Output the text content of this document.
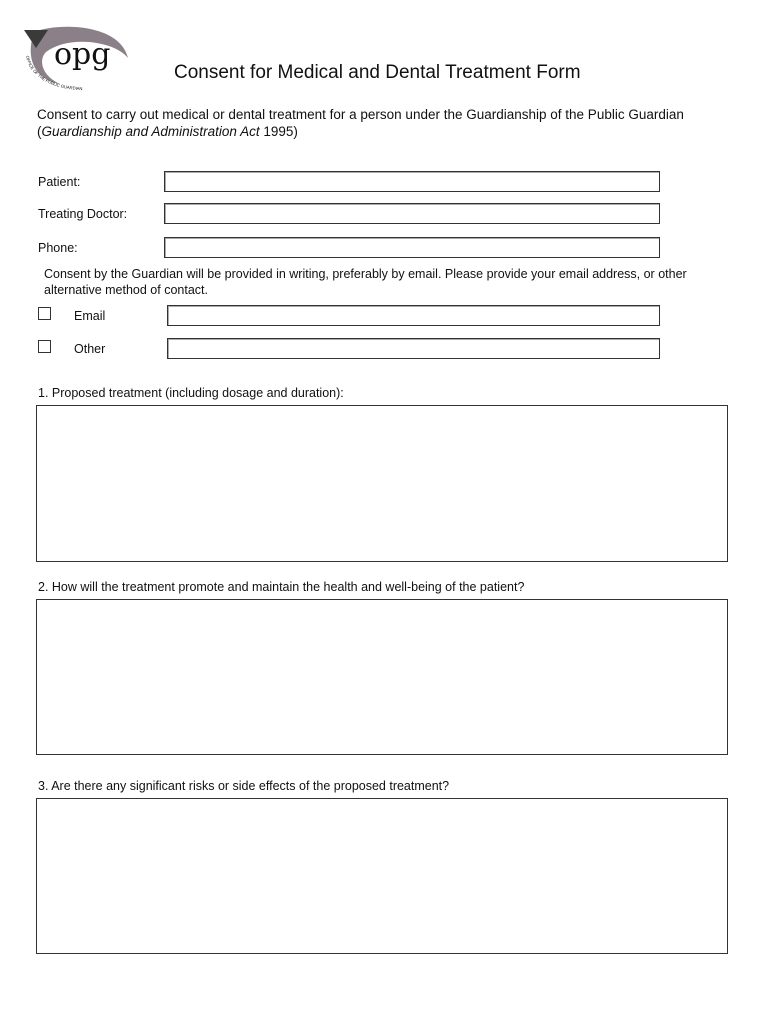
opg
OFFICE OF THE PUBLIC GUARDIAN
Consent for Medical and Dental Treatment Form
Consent to carry out medical or dental treatment for a person under the Guardianship of the Public Guardian
(Guardianship and Administration Act 1995)
Patient:
Treating Doctor:
Phone:
Consent by the Guardian will be provided in writing, preferably by email. Please provide your email address, or other alternative method of contact.
Email
Other
1. Proposed treatment (including dosage and duration):
2. How will the treatment promote and maintain the health and well-being of the patient?
3. Are there any significant risks or side effects of the proposed treatment?
